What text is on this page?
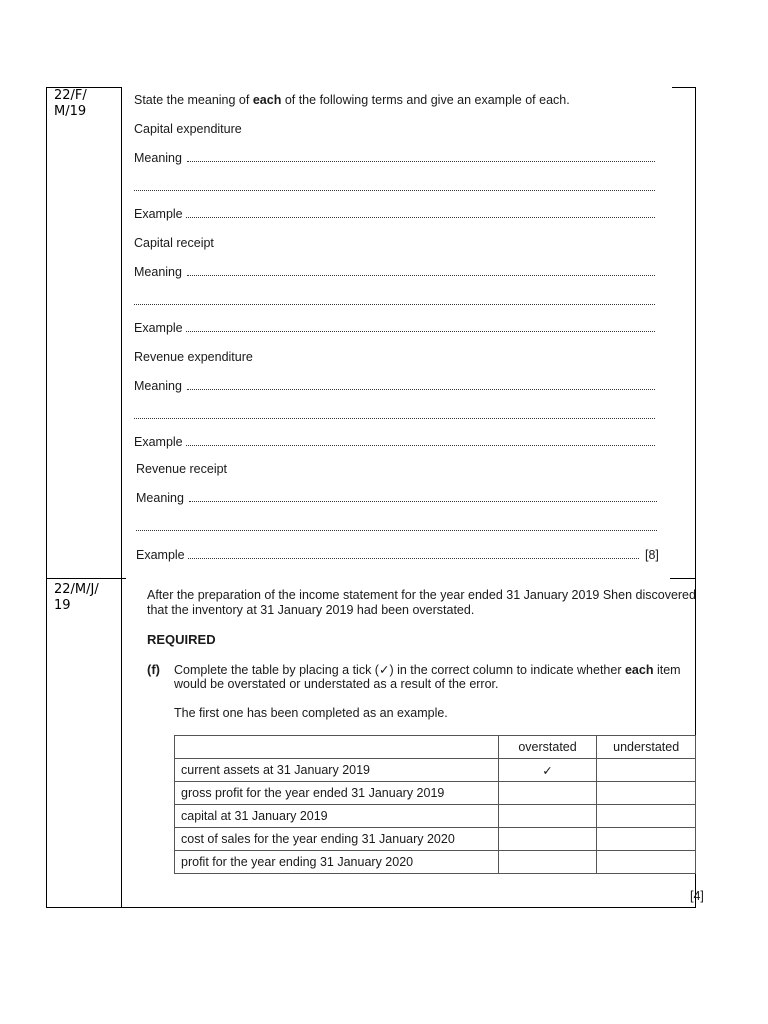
22/F/
M/19
State the meaning of each of the following terms and give an example of each.
Capital expenditure
Meaning
Example
Capital receipt
Meaning
Example
Revenue expenditure
Meaning
Example
Revenue receipt
Meaning
Example	[8]
22/M/J/
19
After the preparation of the income statement for the year ended 31 January 2019 Shen discovered
that the inventory at 31 January 2019 had been overstated.
REQUIRED
(f) Complete the table by placing a tick (✓) in the correct column to indicate whether each item
would be overstated or understated as a result of the error.
The first one has been completed as an example.
	overstated	understated
current assets at 31 January 2019	✓	
gross profit for the year ended 31 January 2019		
capital at 31 January 2019		
cost of sales for the year ending 31 January 2020		
profit for the year ending 31 January 2020		
[4]
